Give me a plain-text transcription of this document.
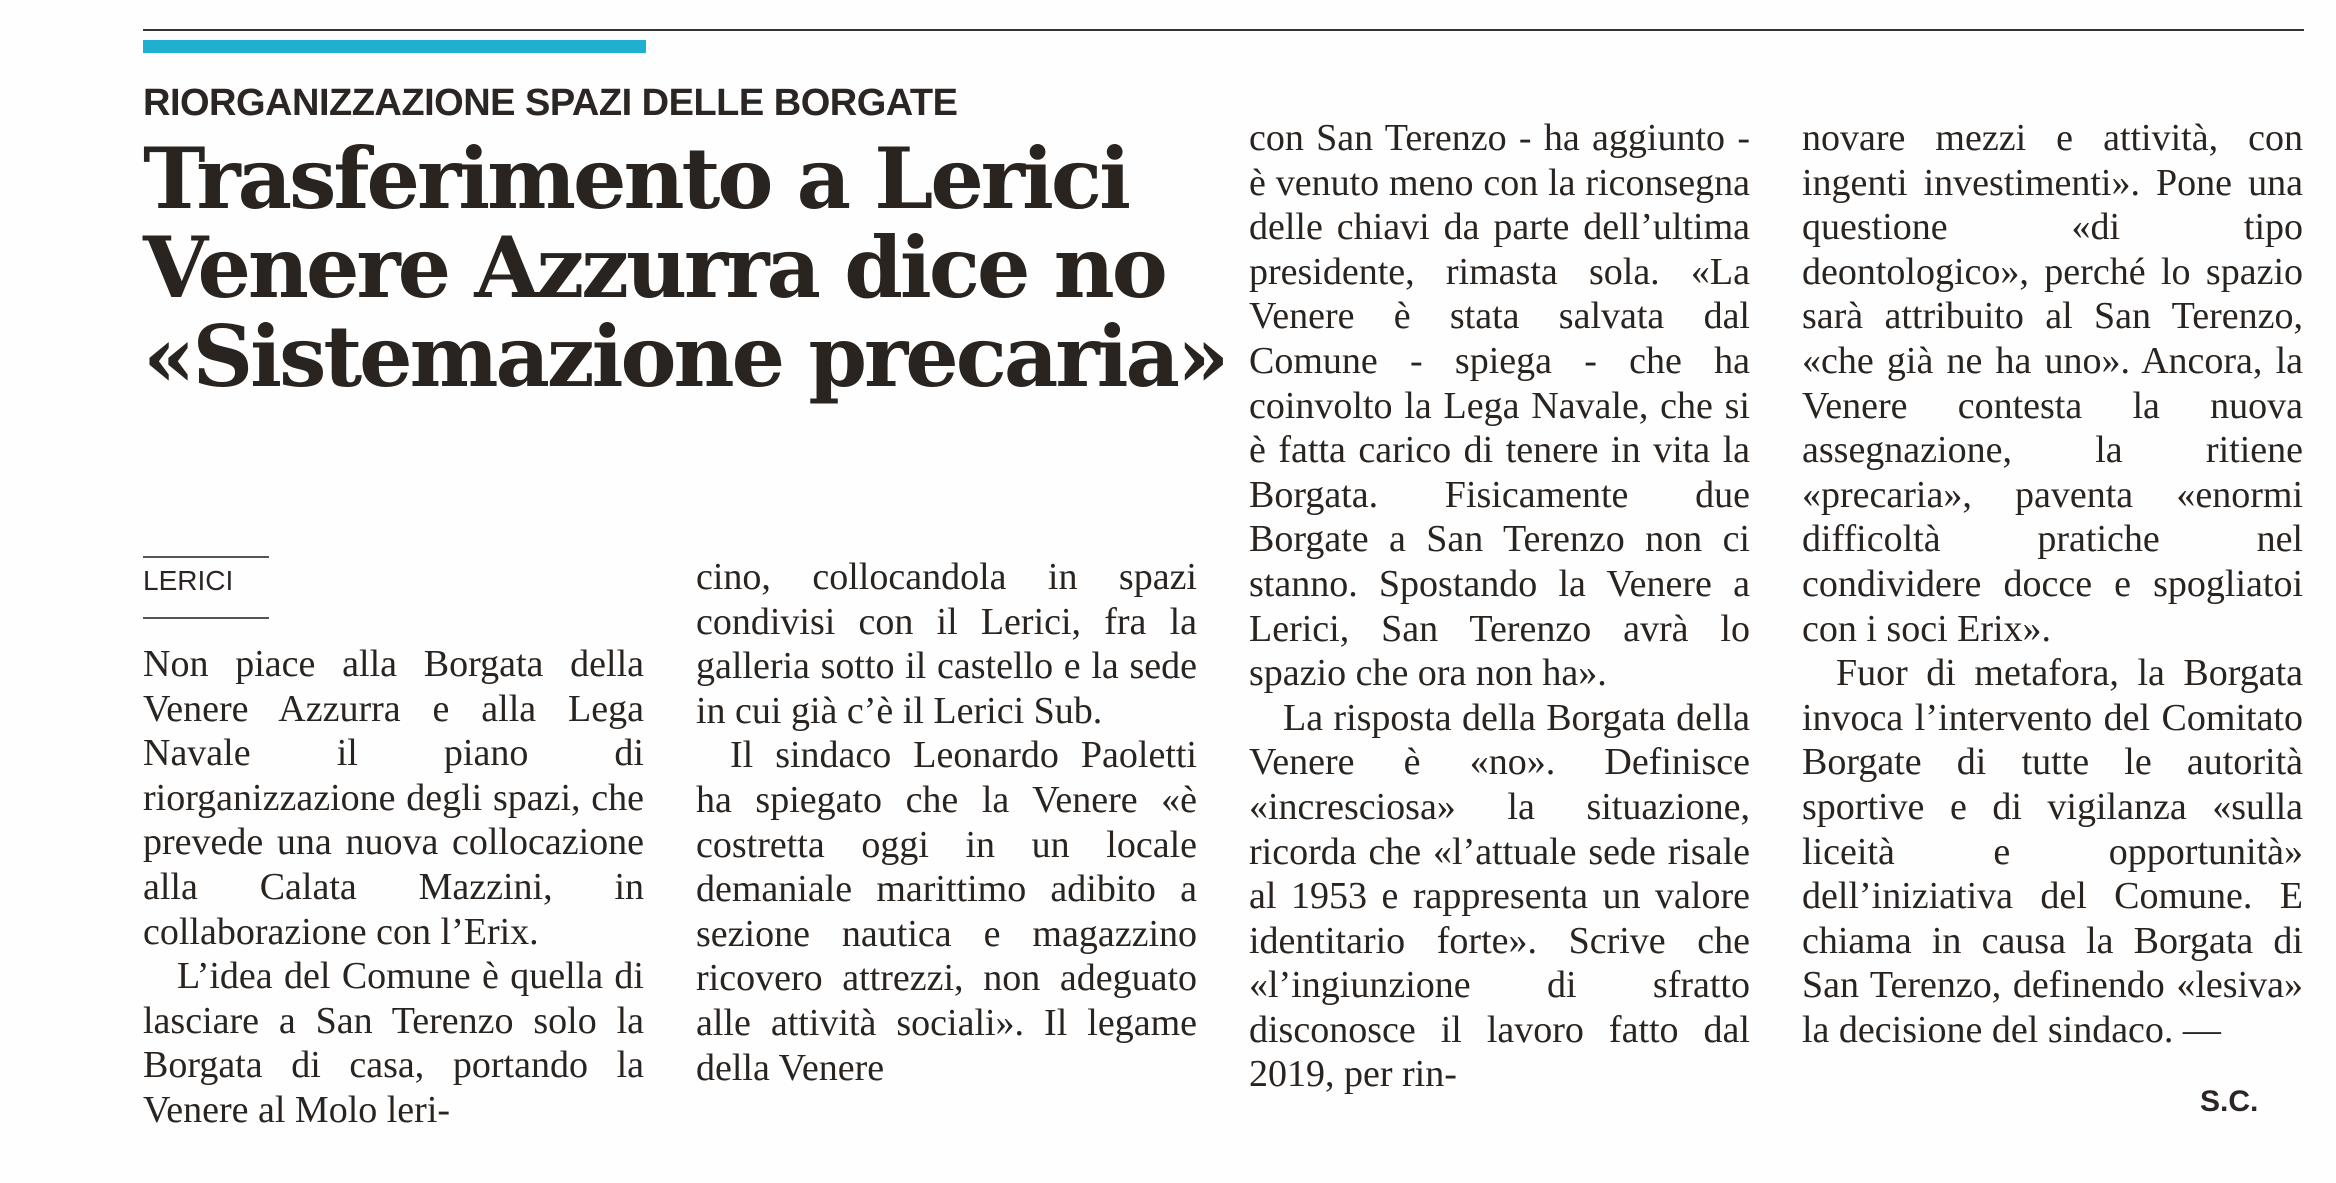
RIORGANIZZAZIONE SPAZI DELLE BORGATE
Trasferimento a Lerici
Venere Azzurra dice no
«Sistemazione precaria»

LERICI

Non piace alla Borgata della Venere Azzurra e alla Lega Navale il piano di riorganizzazione degli spazi, che prevede una nuova collocazione alla Calata Mazzini, in collaborazione con l’Erix.

L’idea del Comune è quella di lasciare a San Terenzo solo la Borgata di casa, portando la Venere al Molo leri-

cino, collocandola in spazi condivisi con il Lerici, fra la galleria sotto il castello e la sede in cui già c’è il Lerici Sub.

Il sindaco Leonardo Paoletti ha spiegato che la Venere «è costretta oggi in un locale demaniale marittimo adibito a sezione nautica e magazzino ricovero attrezzi, non adeguato alle attività sociali». Il legame della Venere

con San Terenzo - ha aggiunto - è venuto meno con la riconsegna delle chiavi da parte dell’ultima presidente, rimasta sola. «La Venere è stata salvata dal Comune - spiega - che ha coinvolto la Lega Navale, che si è fatta carico di tenere in vita la Borgata. Fisicamente due Borgate a San Terenzo non ci stanno. Spostando la Venere a Lerici, San Terenzo avrà lo spazio che ora non ha».

La risposta della Borgata della Venere è «no». Definisce «incresciosa» la situazione, ricorda che «l’attuale sede risale al 1953 e rappresenta un valore identitario forte». Scrive che «l’ingiunzione di sfratto disconosce il lavoro fatto dal 2019, per rin-

novare mezzi e attività, con ingenti investimenti». Pone una questione «di tipo deontologico», perché lo spazio sarà attribuito al San Terenzo, «che già ne ha uno». Ancora, la Venere contesta la nuova assegnazione, la ritiene «precaria», paventa «enormi difficoltà pratiche nel condividere docce e spogliatoi con i soci Erix».

Fuor di metafora, la Borgata invoca l’intervento del Comitato Borgate di tutte le autorità sportive e di vigilanza «sulla liceità e opportunità» dell’iniziativa del Comune. E chiama in causa la Borgata di San Terenzo, definendo «lesiva» la decisione del sindaco. —

S.C.
